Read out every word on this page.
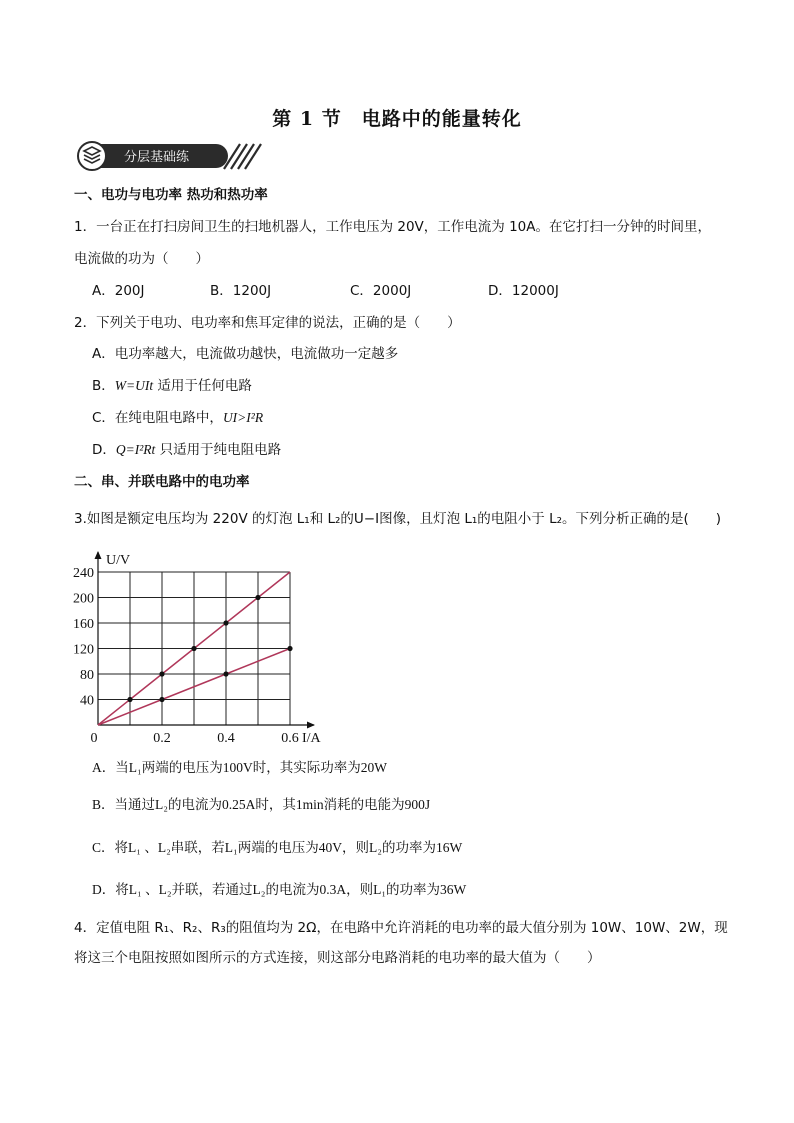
第 1 节　电路中的能量转化
分层基础练
一、电功与电功率 热功和热功率
1．一台正在打扫房间卫生的扫地机器人，工作电压为 20V，工作电流为 10A。在它打扫一分钟的时间里，
电流做的功为（　　）
A．200J	B．1200J	C．2000J	D．12000J
2．下列关于电功、电功率和焦耳定律的说法，正确的是（　　）
A．电功率越大，电流做功越快，电流做功一定越多
B．W=UIt 适用于任何电路
C．在纯电阻电路中，UI>I²R
D．Q=I²Rt 只适用于纯电阻电路
二、串、并联电路中的电功率
3.如图是额定电压均为 220V 的灯泡 L₁和 L₂的U−I图像，且灯泡 L₁的电阻小于 L₂。下列分析正确的是(　　)
0	0.2	0.4	0.6
40
80
120
160
200
240
U/V
I/A
A．当L₁两端的电压为100V时，其实际功率为20W
B．当通过L₂的电流为0.25A时，其1min消耗的电能为900J
C．将L₁ 、L₂串联，若L₁两端的电压为40V，则L₂的功率为16W
D．将L₁ 、L₂并联，若通过L₂的电流为0.3A，则L₁的功率为36W
4．定值电阻 R₁、R₂、R₃的阻值均为 2Ω，在电路中允许消耗的电功率的最大值分别为 10W、10W、2W，现
将这三个电阻按照如图所示的方式连接，则这部分电路消耗的电功率的最大值为（　　）
